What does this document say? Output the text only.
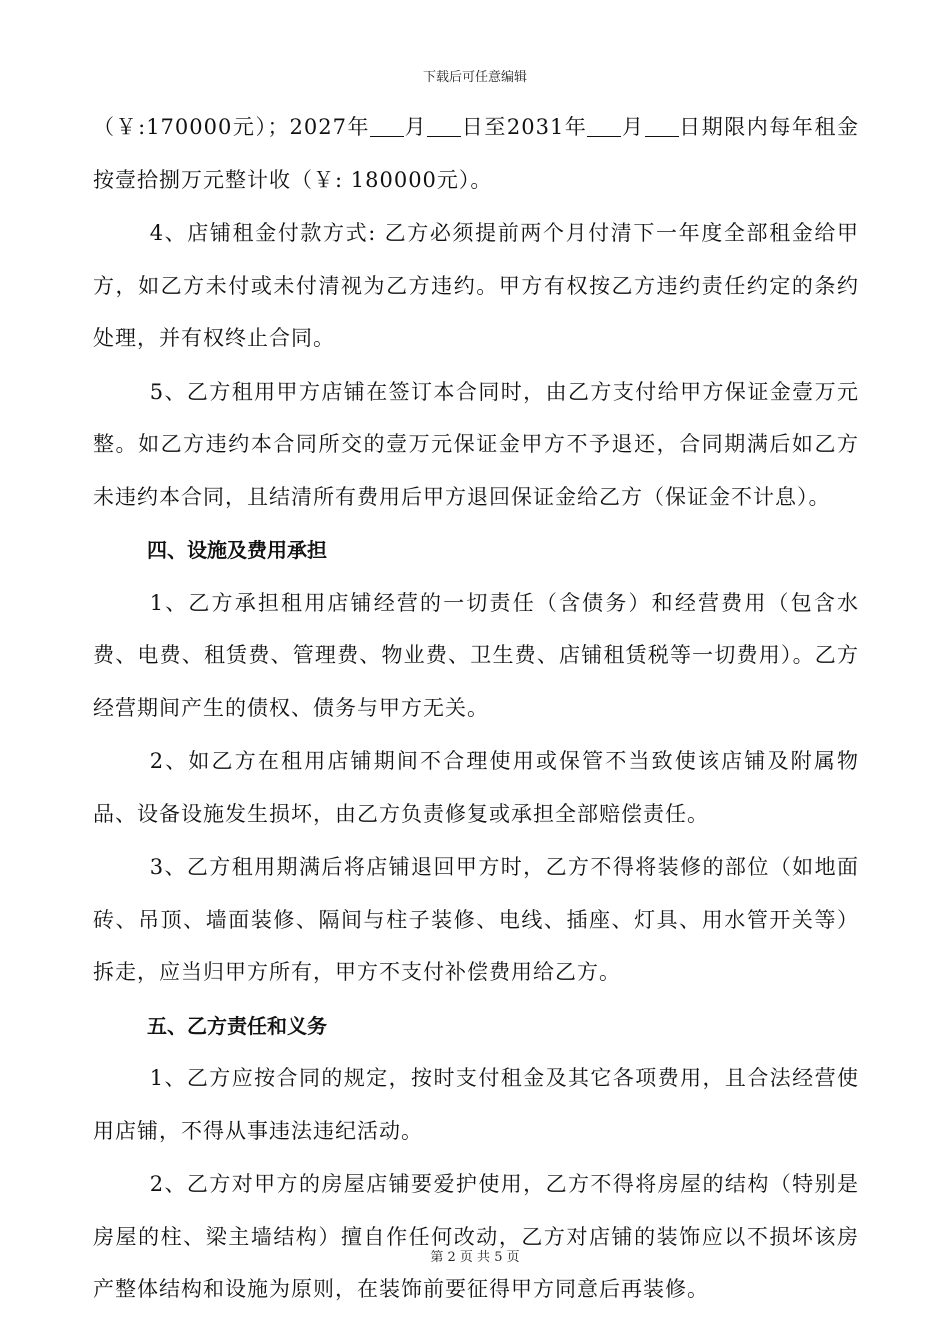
下载后可任意编辑

（￥:170000元）；2027年 月 日至2031年 月 日期限内每年租金按壹拾捌万元整计收（￥: 180000元）。

4、店铺租金付款方式: 乙方必须提前两个月付清下一年度全部租金给甲方，如乙方未付或未付清视为乙方违约。甲方有权按乙方违约责任约定的条约处理，并有权终止合同。

5、乙方租用甲方店铺在签订本合同时，由乙方支付给甲方保证金壹万元整。如乙方违约本合同所交的壹万元保证金甲方不予退还，合同期满后如乙方未违约本合同，且结清所有费用后甲方退回保证金给乙方（保证金不计息）。

四、设施及费用承担

1、乙方承担租用店铺经营的一切责任（含债务）和经营费用（包含水费、电费、租赁费、管理费、物业费、卫生费、店铺租赁税等一切费用）。乙方经营期间产生的债权、债务与甲方无关。

2、如乙方在租用店铺期间不合理使用或保管不当致使该店铺及附属物品、设备设施发生损坏，由乙方负责修复或承担全部赔偿责任。

3、乙方租用期满后将店铺退回甲方时，乙方不得将装修的部位（如地面砖、吊顶、墙面装修、隔间与柱子装修、电线、插座、灯具、用水管开关等）拆走，应当归甲方所有，甲方不支付补偿费用给乙方。

五、乙方责任和义务

1、乙方应按合同的规定，按时支付租金及其它各项费用，且合法经营使用店铺，不得从事违法违纪活动。

2、乙方对甲方的房屋店铺要爱护使用，乙方不得将房屋的结构（特别是房屋的柱、梁主墙结构）擅自作任何改动，乙方对店铺的装饰应以不损坏该房产整体结构和设施为原则，在装饰前要征得甲方同意后再装修。

第 2 页 共 5 页
